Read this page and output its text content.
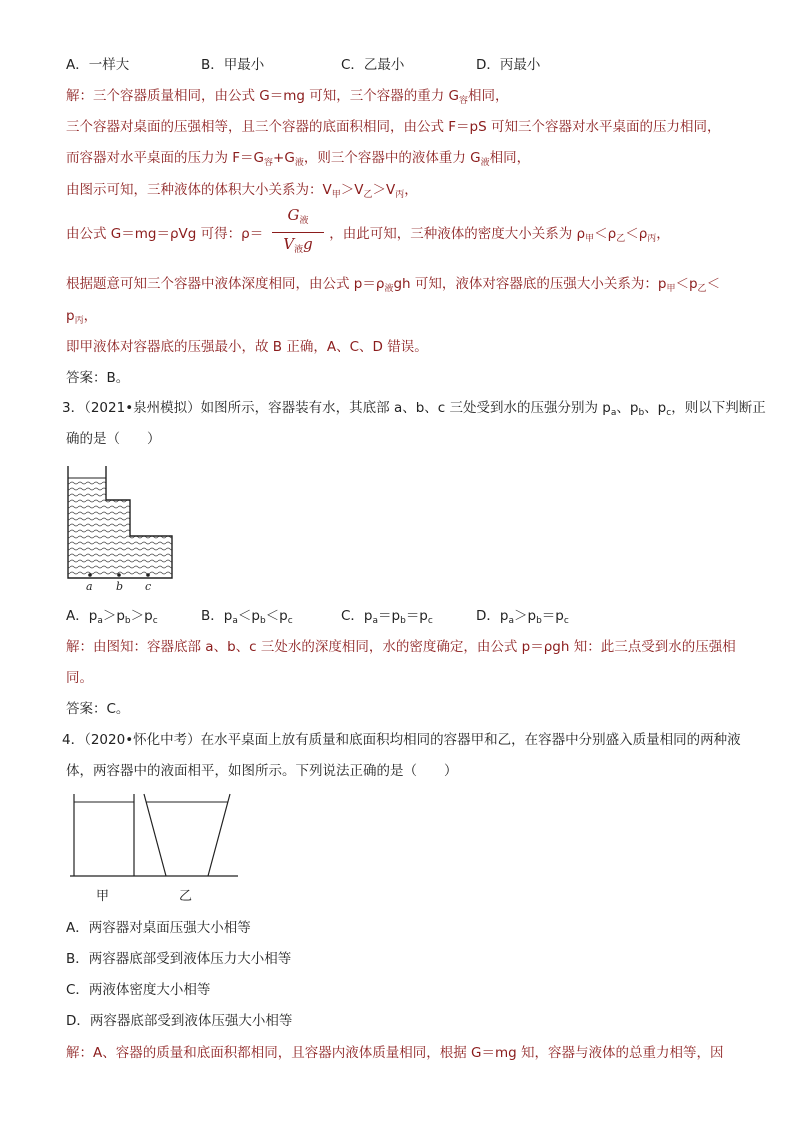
A．一样大	B．甲最小	C．乙最小	D．丙最小
解：三个容器质量相同，由公式 G＝mg 可知，三个容器的重力 $G_容$相同，
三个容器对桌面的压强相等，且三个容器的底面积相同，由公式 F＝pS 可知三个容器对水平桌面的压力相同，
而容器对水平桌面的压力为 $F=G_容+G_液$，则三个容器中的液体重力 $G_液$相同，
由图示可知，三种液体的体积大小关系为：$V_甲>V_乙>V_丙$，
由公式 G＝mg＝ρVg 可得：ρ＝	，由此可知，三种液体的密度大小关系为 $\rho_甲<\rho_乙<\rho_丙$，
$G_液$
$V_液g$
根据题意可知三个容器中液体深度相同，由公式 $p=\rho_液gh$ 可知，液体对容器底的压强大小关系为：$p_甲<p_乙<$
$p_丙$，
即甲液体对容器底的压强最小，故 B 正确，A、C、D 错误。
答案：B。
3．（2021•泉州模拟）如图所示，容器装有水，其底部 a、b、c 三处受到水的压强分别为 $p_a$、$p_b$、$p_c$，则以下判断正
确的是（　　）
a b c
A．$p_a>p_b>p_c$	B．$p_a<p_b<p_c$	C．$p_a=p_b=p_c$	D．$p_a>p_b=p_c$
解：由图知：容器底部 a、b、c 三处水的深度相同，水的密度确定，由公式 p＝ρgh 知：此三点受到水的压强相
同。
答案：C。
4．（2020•怀化中考）在水平桌面上放有质量和底面积均相同的容器甲和乙，在容器中分别盛入质量相同的两种液
体，两容器中的液面相平，如图所示。下列说法正确的是（　　）
甲	乙
A．两容器对桌面压强大小相等
B．两容器底部受到液体压力大小相等
C．两液体密度大小相等
D．两容器底部受到液体压强大小相等
解：A、容器的质量和底面积都相同，且容器内液体质量相同，根据 G＝mg 知，容器与液体的总重力相等，因
